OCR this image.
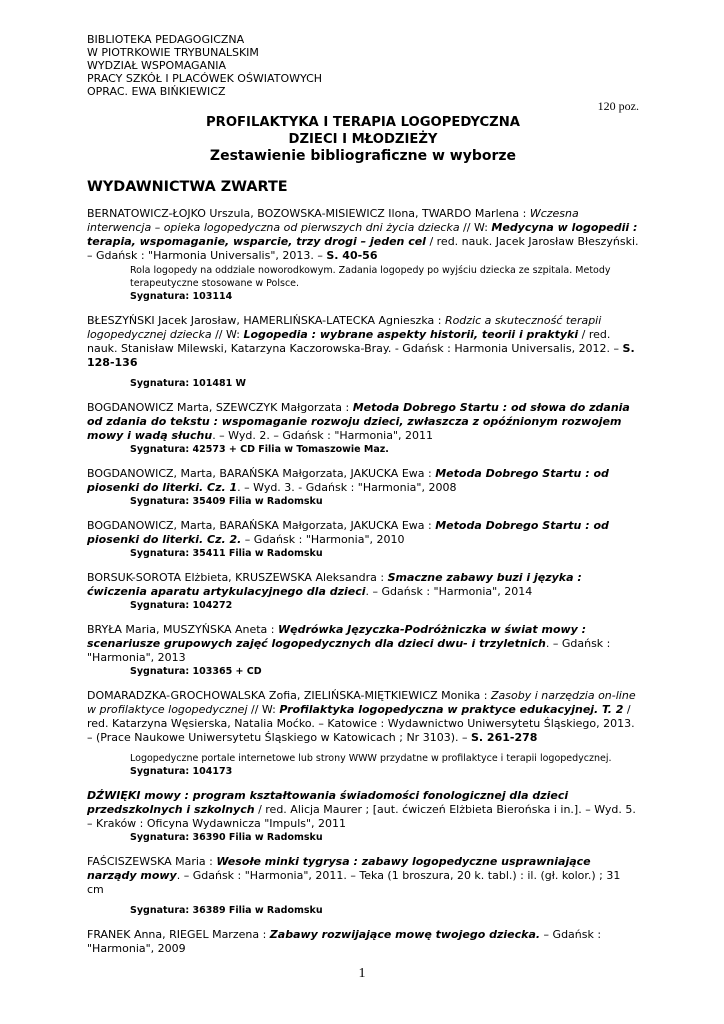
BIBLIOTEKA PEDAGOGICZNA
W PIOTRKOWIE TRYBUNALSKIM
WYDZIAŁ WSPOMAGANIA
PRACY SZKÓŁ I PLACÓWEK OŚWIATOWYCH
OPRAC. EWA BIŃKIEWICZ
120 poz.
PROFILAKTYKA I TERAPIA LOGOPEDYCZNA
DZIECI I MŁODZIEŻY
Zestawienie bibliograficzne w wyborze
WYDAWNICTWA ZWARTE
BERNATOWICZ-ŁOJKO Urszula, BOZOWSKA-MISIEWICZ Ilona, TWARDO Marlena : Wczesna interwencja – opieka logopedyczna od pierwszych dni życia dziecka // W: Medycyna w logopedii : terapia, wspomaganie, wsparcie, trzy drogi – jeden cel / red. nauk. Jacek Jarosław Błeszyński. – Gdańsk : "Harmonia Universalis", 2013. – S. 40-56
Rola logopedy na oddziale noworodkowym. Zadania logopedy po wyjściu dziecka ze szpitala. Metody terapeutyczne stosowane w Polsce.
Sygnatura: 103114
BŁESZYŃSKI Jacek Jarosław, HAMERLIŃSKA-LATECKA Agnieszka : Rodzic a skuteczność terapii logopedycznej dziecka // W: Logopedia : wybrane aspekty historii, teorii i praktyki / red. nauk. Stanisław Milewski, Katarzyna Kaczorowska-Bray. - Gdańsk : Harmonia Universalis, 2012. – S. 128-136
Sygnatura: 101481 W
BOGDANOWICZ Marta, SZEWCZYK Małgorzata : Metoda Dobrego Startu : od słowa do zdania od zdania do tekstu : wspomaganie rozwoju dzieci, zwłaszcza z opóźnionym rozwojem mowy i wadą słuchu. – Wyd. 2. – Gdańsk : "Harmonia", 2011
Sygnatura: 42573 + CD Filia w Tomaszowie Maz.
BOGDANOWICZ, Marta, BARAŃSKA Małgorzata, JAKUCKA Ewa : Metoda Dobrego Startu : od piosenki do literki. Cz. 1. – Wyd. 3. - Gdańsk : "Harmonia", 2008
Sygnatura: 35409 Filia w Radomsku
BOGDANOWICZ, Marta, BARAŃSKA Małgorzata, JAKUCKA Ewa : Metoda Dobrego Startu : od piosenki do literki. Cz. 2. – Gdańsk : "Harmonia", 2010
Sygnatura: 35411 Filia w Radomsku
BORSUK-SOROTA Elżbieta, KRUSZEWSKA Aleksandra : Smaczne zabawy buzi i języka : ćwiczenia aparatu artykulacyjnego dla dzieci. – Gdańsk : "Harmonia", 2014
Sygnatura: 104272
BRYŁA Maria, MUSZYŃSKA Aneta : Wędrówka Języczka-Podróżniczka w świat mowy : scenariusze grupowych zajęć logopedycznych dla dzieci dwu- i trzyletnich. – Gdańsk : "Harmonia", 2013
Sygnatura: 103365 + CD
DOMARADZKA-GROCHOWALSKA Zofia, ZIELIŃSKA-MIĘTKIEWICZ Monika : Zasoby i narzędzia on-line w profilaktyce logopedycznej // W: Profilaktyka logopedyczna w praktyce edukacyjnej. T. 2 / red. Katarzyna Węsierska, Natalia Moćko. – Katowice : Wydawnictwo Uniwersytetu Śląskiego, 2013. – (Prace Naukowe Uniwersytetu Śląskiego w Katowicach ; Nr 3103). – S. 261-278
Logopedyczne portale internetowe lub strony WWW przydatne w profilaktyce i terapii logopedycznej.
Sygnatura: 104173
DŹWIĘKI mowy : program kształtowania świadomości fonologicznej dla dzieci przedszkolnych i szkolnych / red. Alicja Maurer ; [aut. ćwiczeń Elżbieta Bierońska i in.]. – Wyd. 5. – Kraków : Oficyna Wydawnicza "Impuls", 2011
Sygnatura: 36390 Filia w Radomsku
FAŚCISZEWSKA Maria : Wesołe minki tygrysa : zabawy logopedyczne usprawniające narządy mowy. – Gdańsk : "Harmonia", 2011. – Teka (1 broszura, 20 k. tabl.) : il. (gł. kolor.) ; 31 cm
Sygnatura: 36389 Filia w Radomsku
FRANEK Anna, RIEGEL Marzena : Zabawy rozwijające mowę twojego dziecka. – Gdańsk : "Harmonia", 2009
1
